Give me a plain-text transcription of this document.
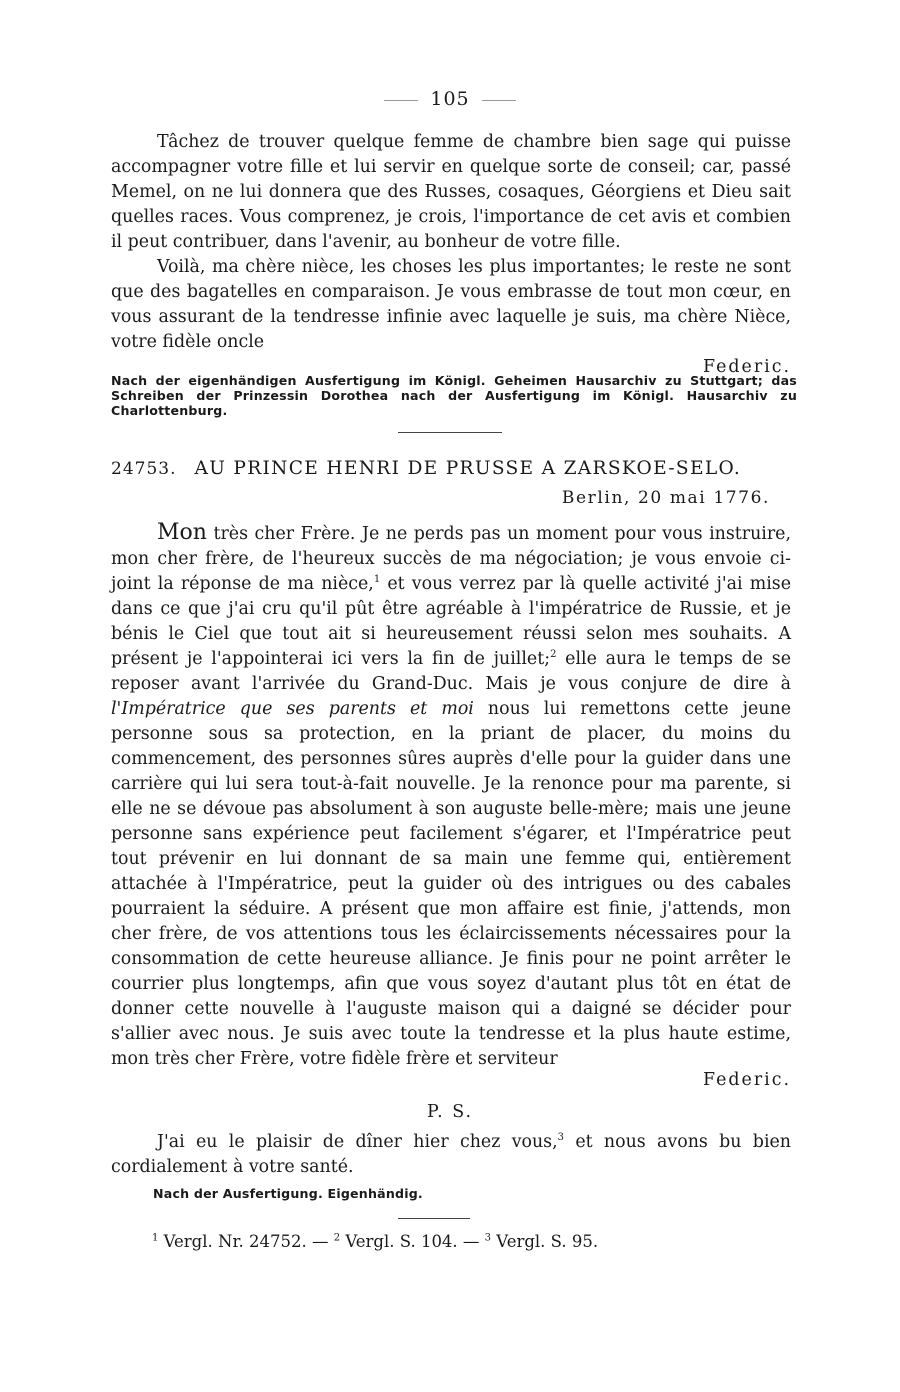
105

Tâchez de trouver quelque femme de chambre bien sage qui puisse accompagner votre fille et lui servir en quelque sorte de conseil; car, passé Memel, on ne lui donnera que des Russes, cosaques, Géorgiens et Dieu sait quelles races. Vous comprenez, je crois, l'importance de cet avis et combien il peut contribuer, dans l'avenir, au bonheur de votre fille.

Voilà, ma chère nièce, les choses les plus importantes; le reste ne sont que des bagatelles en comparaison. Je vous embrasse de tout mon cœur, en vous assurant de la tendresse infinie avec laquelle je suis, ma chère Nièce, votre fidèle oncle

Federic.

Nach der eigenhändigen Ausfertigung im Königl. Geheimen Hausarchiv zu Stuttgart; das Schreiben der Prinzessin Dorothea nach der Ausfertigung im Königl. Hausarchiv zu Charlottenburg.
24753. AU PRINCE HENRI DE PRUSSE A ZARSKOE-SELO.
Berlin, 20 mai 1776.

Mon très cher Frère. Je ne perds pas un moment pour vous instruire, mon cher frère, de l'heureux succès de ma négociation; je vous envoie ci-joint la réponse de ma nièce,$^1$ et vous verrez par là quelle activité j'ai mise dans ce que j'ai cru qu'il pût être agréable à l'impératrice de Russie, et je bénis le Ciel que tout ait si heureusement réussi selon mes souhaits. A présent je l'appointerai ici vers la fin de juillet;$^2$ elle aura le temps de se reposer avant l'arrivée du Grand-Duc. Mais je vous conjure de dire à l'Impératrice que ses parents et moi nous lui remettons cette jeune personne sous sa protection, en la priant de placer, du moins du commencement, des personnes sûres auprès d'elle pour la guider dans une carrière qui lui sera tout-à-fait nouvelle. Je la renonce pour ma parente, si elle ne se dévoue pas absolument à son auguste belle-mère; mais une jeune personne sans expérience peut facilement s'égarer, et l'Impératrice peut tout prévenir en lui donnant de sa main une femme qui, entièrement attachée à l'Impératrice, peut la guider où des intrigues ou des cabales pourraient la séduire. A présent que mon affaire est finie, j'attends, mon cher frère, de vos attentions tous les éclaircissements nécessaires pour la consommation de cette heureuse alliance. Je finis pour ne point arrêter le courrier plus longtemps, afin que vous soyez d'autant plus tôt en état de donner cette nouvelle à l'auguste maison qui a daigné se décider pour s'allier avec nous. Je suis avec toute la tendresse et la plus haute estime, mon très cher Frère, votre fidèle frère et serviteur

Federic.

P. S.

J'ai eu le plaisir de dîner hier chez vous,$^3$ et nous avons bu bien cordialement à votre santé.

Nach der Ausfertigung. Eigenhändig.
$^1$ Vergl. Nr. 24752. — $^2$ Vergl. S. 104. — $^3$ Vergl. S. 95.
